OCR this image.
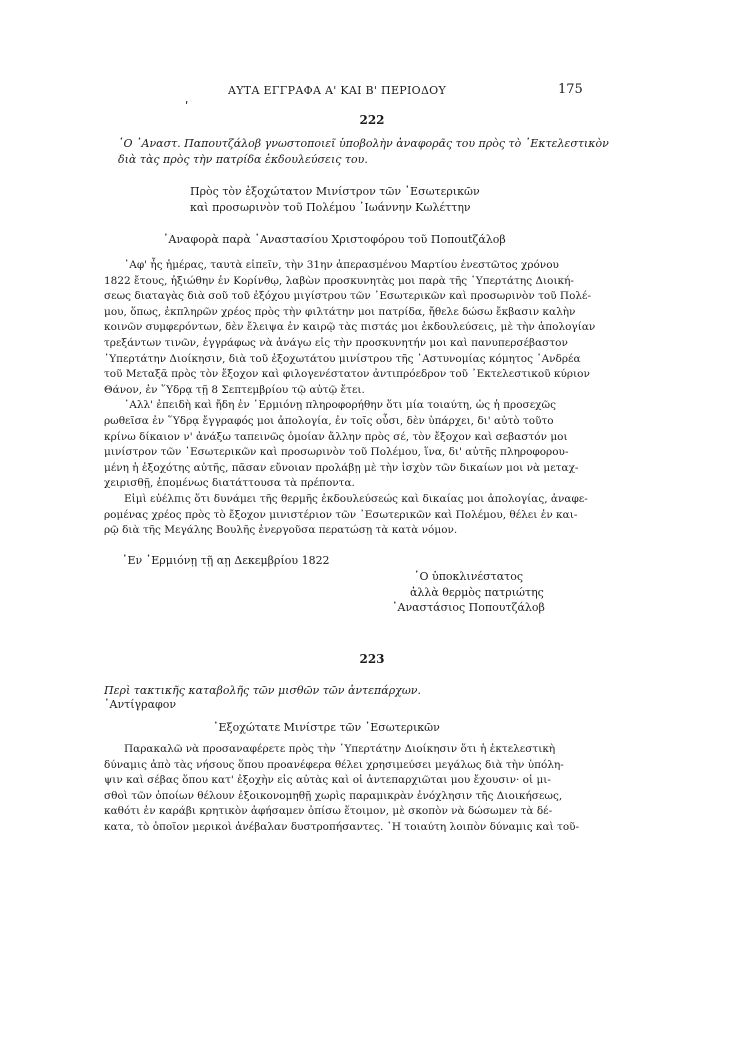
ΑΥΤΑ ΕΓΓΡΑΦΑ Α' ΚΑΙ Β' ΠΕΡΙΟΔΟΥ	175
ʹ
222
῾Ο ᾿Αναστ. Παπουτζάλοβ γνωστοποιεῖ ὑποβολὴν ἀναφορᾶς του πρὸς τὸ ᾿Εκτελεστικὸν
διὰ τὰς πρὸς τὴν πατρίδα ἐκδουλεύσεις του.
Πρὸς τὸν ἐξοχώτατον Μινίστρον τῶν ᾿Εσωτερικῶν
καὶ προσωρινὸν τοῦ Πολέμου ᾿Ιωάννην Κωλέττην
᾿Αναφορὰ παρὰ ᾿Αναστασίου Χριστοφόρου τοῦ Ποποutζάλοβ

᾿Αφ' ἧς ἡμέρας, ταυτὰ εἰπεῖν, τὴν 31ην ἀπερασμένου Μαρτίου ἐνεστῶτος χρόνου
1822 ἔτους, ἠξιώθην ἐν Κορίνθῳ, λαβὼν προσκυνητὰς μοι παρὰ τῆς ῾Υπερτάτης Διοική-
σεως διαταγὰς διὰ σοῦ τοῦ ἐξόχου μιγίστρου τῶν ᾿Εσωτερικῶν καὶ προσωρινὸν τοῦ Πολέ-
μου, ὅπως, ἐκπληρῶν χρέος πρὸς τὴν φιλτάτην μοι πατρίδα, ἤθελε δώσω ἔκβασιν καλὴν
κοινῶν συμφερόντων, δὲν ἔλειψα ἐν καιρῷ τὰς πιστάς μοι ἐκδουλεύσεις, μὲ τὴν ἀπολογίαν
τρεξάντων τινῶν, ἐγγράφως νὰ ἀνάγω εἰς τὴν προσκυνητήν μοι καὶ πανυπερσέβαστον
῾Υπερτάτην Διοίκησιν, διὰ τοῦ ἐξοχωτάτου μινίστρου τῆς ᾿Αστυνομίας κόμητος ᾿Ανδρέα
τοῦ Μεταξᾶ πρὸς τὸν ἔξοχον καὶ φιλογενέστατον ἀντιπρόεδρον τοῦ ᾿Εκτελεστικοῦ κύριον
Θάνον, ἐν ῞Υδρᾳ τῇ 8 Σεπτεμβρίου τῷ αὐτῷ ἔτει.

᾿Αλλ' ἐπειδὴ καὶ ἤδη ἐν ῾Ερμιόνῃ πληροφορήθην ὅτι μία τοιαύτη, ὡς ἡ προσεχῶς
ρωθεῖσα ἐν ῞Υδρᾳ ἔγγραφός μοι ἀπολογία, ἐν τοῖς οὖσι, δὲν ὑπάρχει, δι' αὐτὸ τοῦτο
κρίνω δίκαιον ν' ἀνάξω ταπεινῶς ὁμοίαν ἄλλην πρὸς σέ, τὸν ἔξοχον καὶ σεβαστόν μοι
μινίστρον τῶν ᾿Εσωτερικῶν καὶ προσωρινὸν τοῦ Πολέμου, ἵνα, δι' αὐτῆς πληροφορου-
μένη ἡ ἐξοχότης αὐτῆς, πᾶσαν εὔνοιαν προλάβῃ μὲ τὴν ἰσχὺν τῶν δικαίων μοι νὰ μεταχ-
χειρισθῇ, ἐπομένως διατάττουσα τὰ πρέποντα.

Εἰμὶ εὐέλπις ὅτι δυνάμει τῆς θερμῆς ἐκδουλεύσεώς καὶ δικαίας μοι ἀπολογίας, ἀναφε-
ρομένας χρέος πρὸς τὸ ἔξοχον μινιστέριον τῶν ᾿Εσωτερικῶν καὶ Πολέμου, θέλει ἐν και-
ρῷ διὰ τῆς Μεγάλης Βουλῆς ἐνεργοῦσα περατώσῃ τὰ κατὰ νόμον.

᾿Εν ῾Ερμιόνῃ τῇ αῃ Δεκεμβρίου 1822
῾Ο ὑποκλινέστατος
ἀλλὰ θερμὸς πατριώτης
᾿Αναστάσιος Ποπουτζάλοβ
223
Περὶ τακτικῆς καταβολῆς τῶν μισθῶν τῶν ἀντεπάρχων.
᾿Αντίγραφον
᾿Εξοχώτατε Μινίστρε τῶν ᾿Εσωτερικῶν

Παρακαλῶ νὰ προσαναφέρετε πρὸς τὴν ῾Υπερτάτην Διοίκησιν ὅτι ἡ ἐκτελεστικὴ
δύναμις ἀπὸ τὰς νήσους ὅπου προανέφερα θέλει χρησιμεύσει μεγάλως διὰ τὴν ὑπόλη-
ψιν καὶ σέβας ὅπου κατ' ἐξοχὴν εἰς αὐτὰς καὶ οἱ ἀντεπαρχιῶται μου ἔχουσιν· οἱ μι-
σθοὶ τῶν ὁποίων θέλουν ἐξοικονομηθῇ χωρὶς παραμικρὰν ἐνόχλησιν τῆς Διοικήσεως,
καθότι ἐν καράβι κρητικὸν ἀφήσαμεν ὀπίσω ἕτοιμον, μὲ σκοπὸν νὰ δώσωμεν τὰ δέ-
κατα, τὸ ὁποῖον μερικοὶ ἀνέβαλαν δυστροπήσαντες. ῾Η τοιαύτη λοιπὸν δύναμις καὶ τοῦ-
